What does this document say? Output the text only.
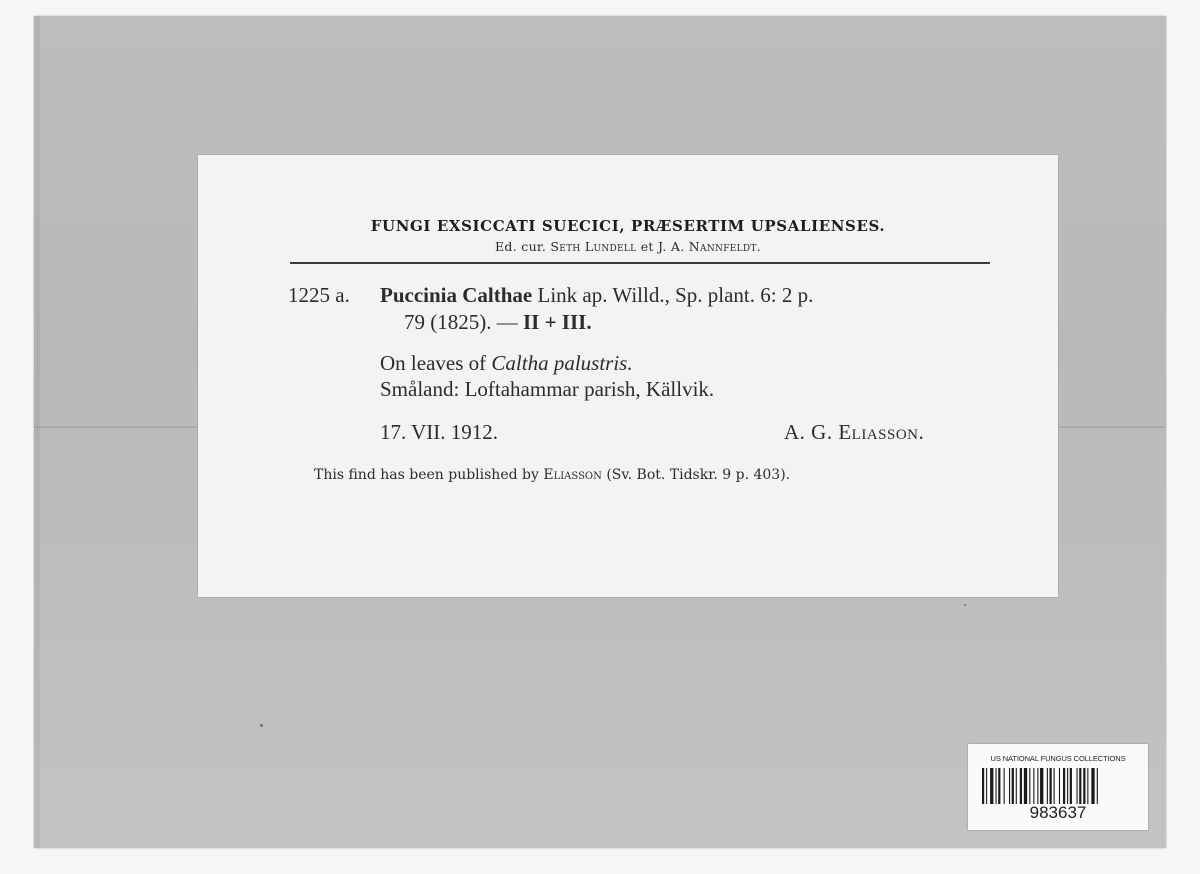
FUNGI EXSICCATI SUECICI, PRÆSERTIM UPSALIENSES.
Ed. cur. Seth Lundell et J. A. Nannfeldt.
1225 a. Puccinia Calthae Link ap. Willd., Sp. plant. 6: 2 p.
79 (1825). — II + III.
On leaves of Caltha palustris.
Småland: Loftahammar parish, Källvik.
17. VII. 1912.	A. G. Eliasson.
This find has been published by Eliasson (Sv. Bot. Tidskr. 9 p. 403).
US NATIONAL FUNGUS COLLECTIONS
983637
